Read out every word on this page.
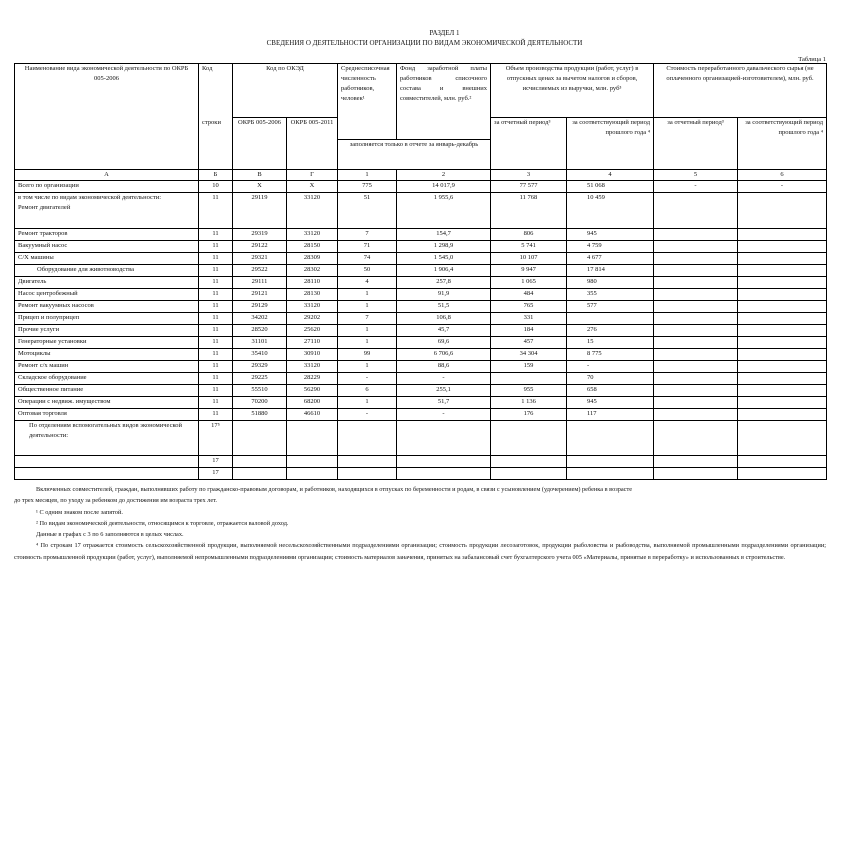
РАЗДЕЛ 1
СВЕДЕНИЯ О ДЕЯТЕЛЬНОСТИ ОРГАНИЗАЦИИ ПО ВИДАМ ЭКОНОМИЧЕСКОЙ ДЕЯТЕЛЬНОСТИ
Таблица 1
Наименование вида экономической деятельности по ОКРБ 005-2006	Код	Код по ОКЭД		Среднесписочная численность работников, человек¹	Фонд заработной платы работников списочного состава и внешних совместителей, млн. руб.²	Объем производства продукции (работ, услуг) в отпускных ценах за вычетом налогов и сборов, исчисляемых из выручки, млн. руб³		Стоимость переработанного давальческого сырья (не оплаченного организацией-изготовителем), млн. руб.	
	строки	ОКРБ 005-2006	ОКРБ 005-2011			за отчетный период³	за соответствующий период прошлого года ⁴	за отчетный период³	за соответствующий период прошлого года ⁴
				заполняется только в отчете за январь-декабрь					
А	Б	В	Г	1	2	3	4	5	6
Всего по организации	10	Х	Х	775	14 017,9	77 577	51 068	-	-
в том числе по видам экономической деятельности:
Ремонт двигателей	11	29119	33120	51	1 955,6	11 768	10 459		
Ремонт тракторов	11	29319	33120	7	154,7	806	945		
Вакуумный насос	11	29122	28150	71	1 298,9	5 741	4 759		
С/Х машины	11	29321	28309	74	1 545,0	10 107	4 677		
Оборудование для животноводства	11	29522	28302	50	1 906,4	9 947	17 814		
Двигатель	11	29111	28110	4	257,8	1 065	980		
Насос центробежный	11	29121	28130	1	91,9	484	355		
Ремонт вакуумных насосов	11	29129	33120	1	51,5	765	577		
Прицеп и полуприцеп	11	34202	29202	7	106,8	331			
Прочие услуги	11	28520	25620	1	45,7	184	276		
Генераторные установки	11	31101	27110	1	69,6	457	15		
Мотоциклы	11	35410	30910	99	6 706,6	34 304	8 775		
Ремонт с/х машин	11	29329	33120	1	88,6	159	-		
Складское оборудование	11	29225	28229	-	-		70		
Общественное питание	11	55510	56290	6	255,1	955	658		
Операции с недвиж. имуществом	11	70200	68200	1	51,7	1 136	945		
Оптовая торговля	11	51880	46610	-	-	176	117		
По отделениям вспомогательных видов экономической деятельности:	17⁵								
	17								
	17								

Включенных совместителей, граждан, выполнявших работу по гражданско-правовым договорам, и работников, находящихся в отпусках по беременности и родам, в связи с усыновлением (удочерением) ребенка в возрасте

до трех месяцев, по уходу за ребенком до достижения им возраста трех лет.

¹ С одним знаком после запятой.

² По видам экономической деятельности, относящимся к торговле, отражается валовой доход.

Данные в графах с 3 по 6 заполняются в целых числах.

⁴ По строкам 17 отражается стоимость сельскохозяйственной продукции, выполняемой несельскохозяйственными подразделениями организации; стоимость продукции лесозаготовок, продукции рыболовства и рыбоводства, выполняемой промышленными подразделениями организации; стоимость промышленной продукции (работ, услуг), выполняемой непромышленными подразделениями организации; стоимость материалов заначения, принятых на забалансовый счет бухгалтерского учета 005 «Материалы, принятые в переработку» и использованных в строительстве.
